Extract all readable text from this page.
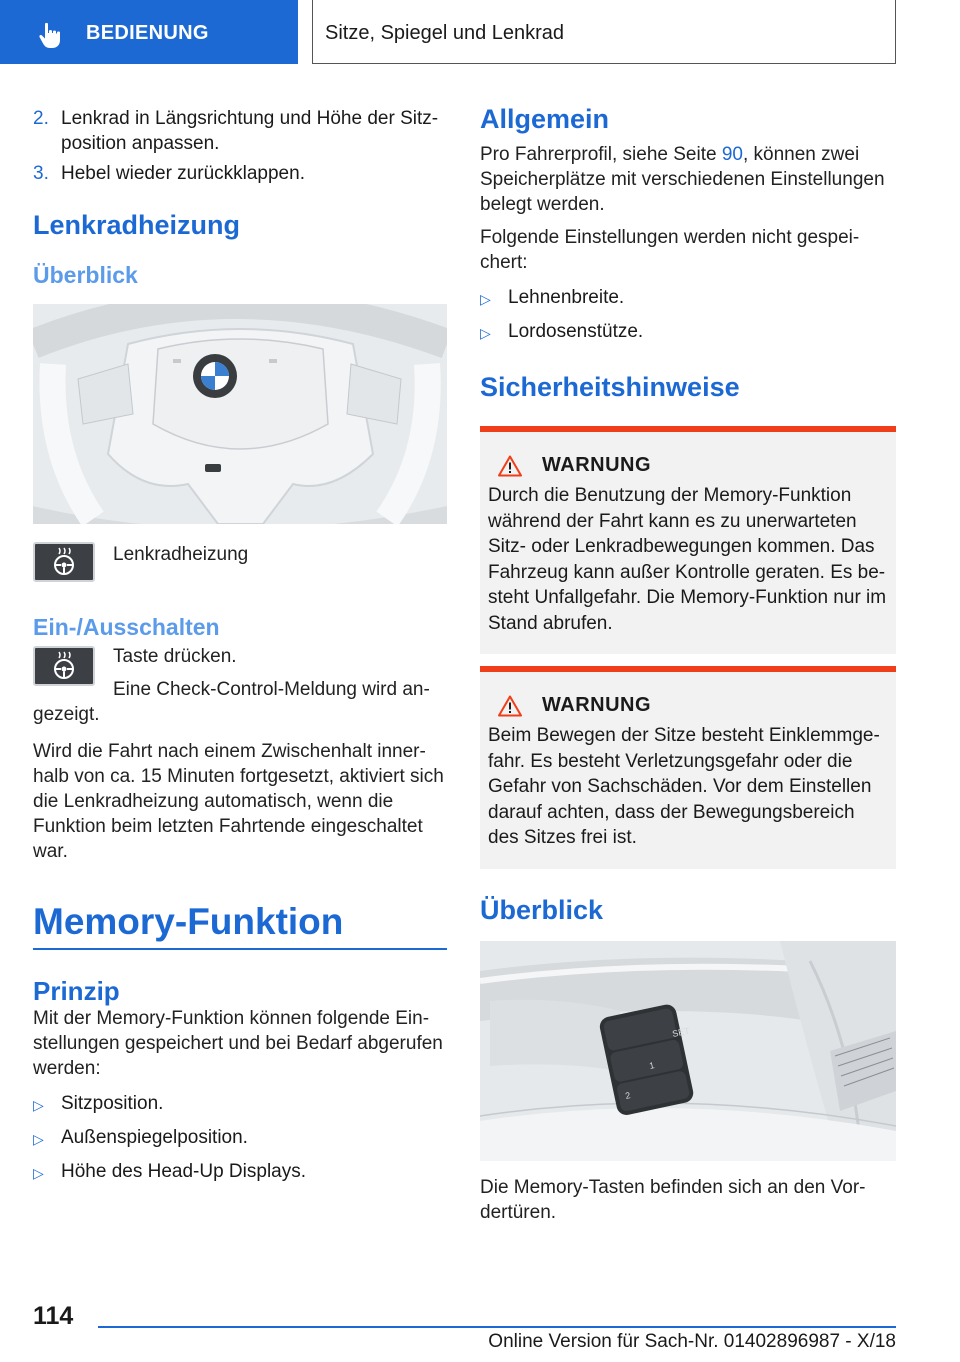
BEDIENUNG	Sitze, Spiegel und Lenkrad
2. Lenkrad in Längsrichtung und Höhe der Sitz-position anpassen.
3. Hebel wieder zurückklappen.
Lenkradheizung
Überblick

Lenkradheizung

Ein-/Ausschalten

Taste drücken.

Eine Check-Control-Meldung wird an-gezeigt.

Wird die Fahrt nach einem Zwischenhalt inner-halb von ca. 15 Minuten fortgesetzt, aktiviert sich die Lenkradheizung automatisch, wenn die Funktion beim letzten Fahrtende eingeschaltet war.

Memory-Funktion
Prinzip

Mit der Memory-Funktion können folgende Ein-stellungen gespeichert und bei Bedarf abgerufen werden:

▷ Sitzposition.
▷ Außenspiegelposition.
▷ Höhe des Head-Up Displays.
Allgemein

Pro Fahrerprofil, siehe Seite 90, können zwei Speicherplätze mit verschiedenen Einstellungen belegt werden.

Folgende Einstellungen werden nicht gespei-chert:

▷ Lehnenbreite.
▷ Lordosenstütze.
Sicherheitshinweise
WARNUNG

Durch die Benutzung der Memory-Funktion während der Fahrt kann es zu unerwarteten Sitz- oder Lenkradbewegungen kommen. Das Fahrzeug kann außer Kontrolle geraten. Es be-steht Unfallgefahr. Die Memory-Funktion nur im Stand abrufen.

WARNUNG

Beim Bewegen der Sitze besteht Einklemmge-fahr. Es besteht Verletzungsgefahr oder die Gefahr von Sachschäden. Vor dem Einstellen darauf achten, dass der Bewegungsbereich des Sitzes frei ist.

Überblick
SET
1
2

Die Memory-Tasten befinden sich an den Vor-dertüren.

114
Online Version für Sach-Nr. 01402896987 - X/18
